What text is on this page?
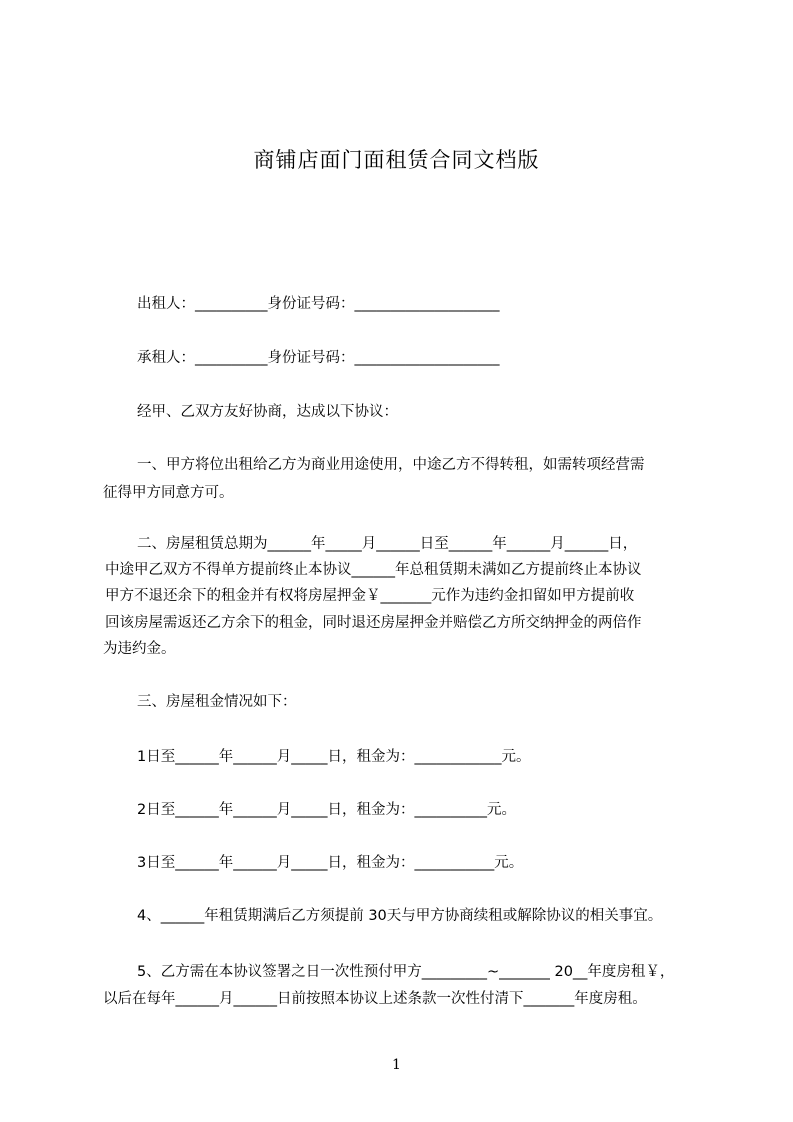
商铺店面门面租赁合同文档版
出租人：__________身份证号码：____________________
承租人：__________身份证号码：____________________
经甲、乙双方友好协商，达成以下协议：
一、甲方将位出租给乙方为商业用途使用，中途乙方不得转租，如需转项经营需
征得甲方同意方可。
二、房屋租赁总期为______年_____月______日至______年______月______日，
中途甲乙双方不得单方提前终止本协议______年总租赁期未满如乙方提前终止本协议
甲方不退还余下的租金并有权将房屋押金￥_______元作为违约金扣留如甲方提前收
回该房屋需返还乙方余下的租金，同时退还房屋押金并赔偿乙方所交纳押金的两倍作
为违约金。
三、房屋租金情况如下：
1日至______年______月_____日，租金为：____________元。
2日至______年______月_____日，租金为：__________元。
3日至______年______月_____日，租金为：___________元。
4、______年租赁期满后乙方须提前 30天与甲方协商续租或解除协议的相关事宜。
5、乙方需在本协议签署之日一次性预付甲方_________~_______ 20__年度房租￥，
以后在每年______月______日前按照本协议上述条款一次性付清下_______年度房租。
1
